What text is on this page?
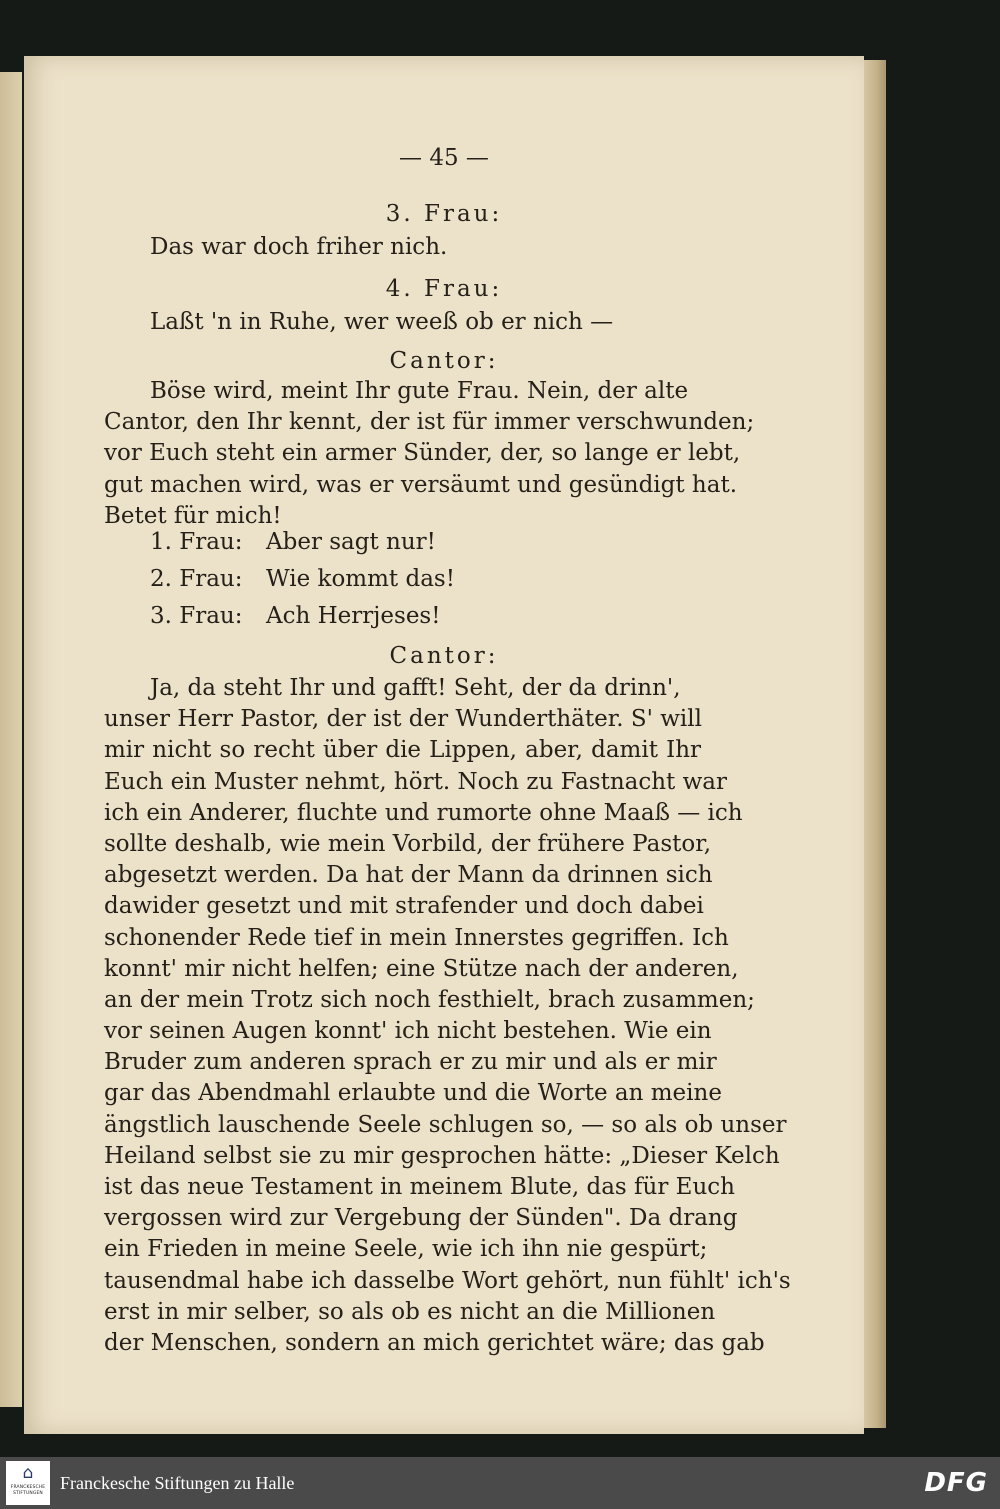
— 45 —
3. Frau:
Das war doch friher nich.
4. Frau:
Laßt 'n in Ruhe, wer weeß ob er nich —
Cantor:
Böse wird, meint Ihr gute Frau. Nein, der alte
Cantor, den Ihr kennt, der ist für immer verschwunden;
vor Euch steht ein armer Sünder, der, so lange er lebt,
gut machen wird, was er versäumt und gesündigt hat.
Betet für mich!
1. Frau: Aber sagt nur!
2. Frau: Wie kommt das!
3. Frau: Ach Herrjeses!
Cantor:
Ja, da steht Ihr und gafft! Seht, der da drinn',
unser Herr Pastor, der ist der Wunderthäter. S' will
mir nicht so recht über die Lippen, aber, damit Ihr
Euch ein Muster nehmt, hört. Noch zu Fastnacht war
ich ein Anderer, fluchte und rumorte ohne Maaß — ich
sollte deshalb, wie mein Vorbild, der frühere Pastor,
abgesetzt werden. Da hat der Mann da drinnen sich
dawider gesetzt und mit strafender und doch dabei
schonender Rede tief in mein Innerstes gegriffen. Ich
konnt' mir nicht helfen; eine Stütze nach der anderen,
an der mein Trotz sich noch festhielt, brach zusammen;
vor seinen Augen konnt' ich nicht bestehen. Wie ein
Bruder zum anderen sprach er zu mir und als er mir
gar das Abendmahl erlaubte und die Worte an meine
ängstlich lauschende Seele schlugen so, — so als ob unser
Heiland selbst sie zu mir gesprochen hätte: „Dieser Kelch
ist das neue Testament in meinem Blute, das für Euch
vergossen wird zur Vergebung der Sünden". Da drang
ein Frieden in meine Seele, wie ich ihn nie gespürt;
tausendmal habe ich dasselbe Wort gehört, nun fühlt' ich's
erst in mir selber, so als ob es nicht an die Millionen
der Menschen, sondern an mich gerichtet wäre; das gab
⌂
FRANCKESCHE
STIFTUNGEN
Franckesche Stiftungen zu Halle	DFG
